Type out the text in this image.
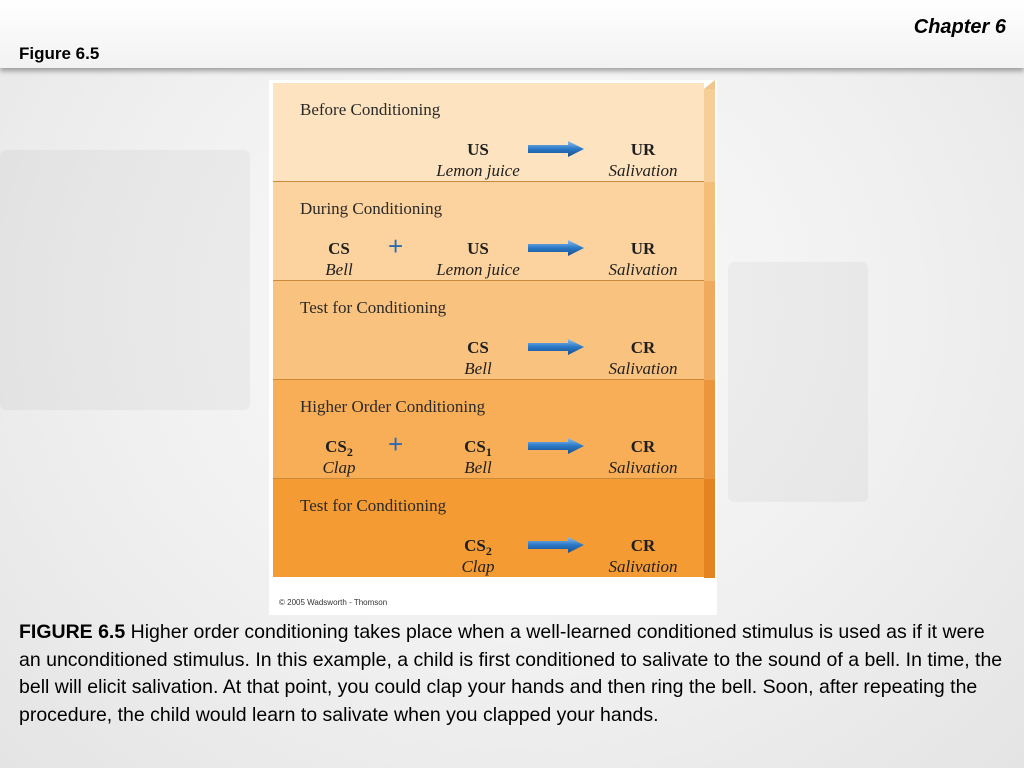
Chapter 6
Figure 6.5
© 2005 Wadsworth - Thomson
Before Conditioning
US
Lemon juice
UR
Salivation
During Conditioning
CS
Bell
US
Lemon juice
UR
Salivation
+
Test for Conditioning
CS
Bell
CR
Salivation
Higher Order Conditioning
$CS_2$
Clap
$CS_1$
Bell
CR
Salivation
+
Test for Conditioning
$CS_2$
Clap
CR
Salivation
FIGURE 6.5 Higher order conditioning takes place when a well-learned conditioned stimulus is used as if it were an unconditioned stimulus. In this example, a child is first conditioned to salivate to the sound of a bell. In time, the bell will elicit salivation. At that point, you could clap your hands and then ring the bell. Soon, after repeating the procedure, the child would learn to salivate when you clapped your hands.
